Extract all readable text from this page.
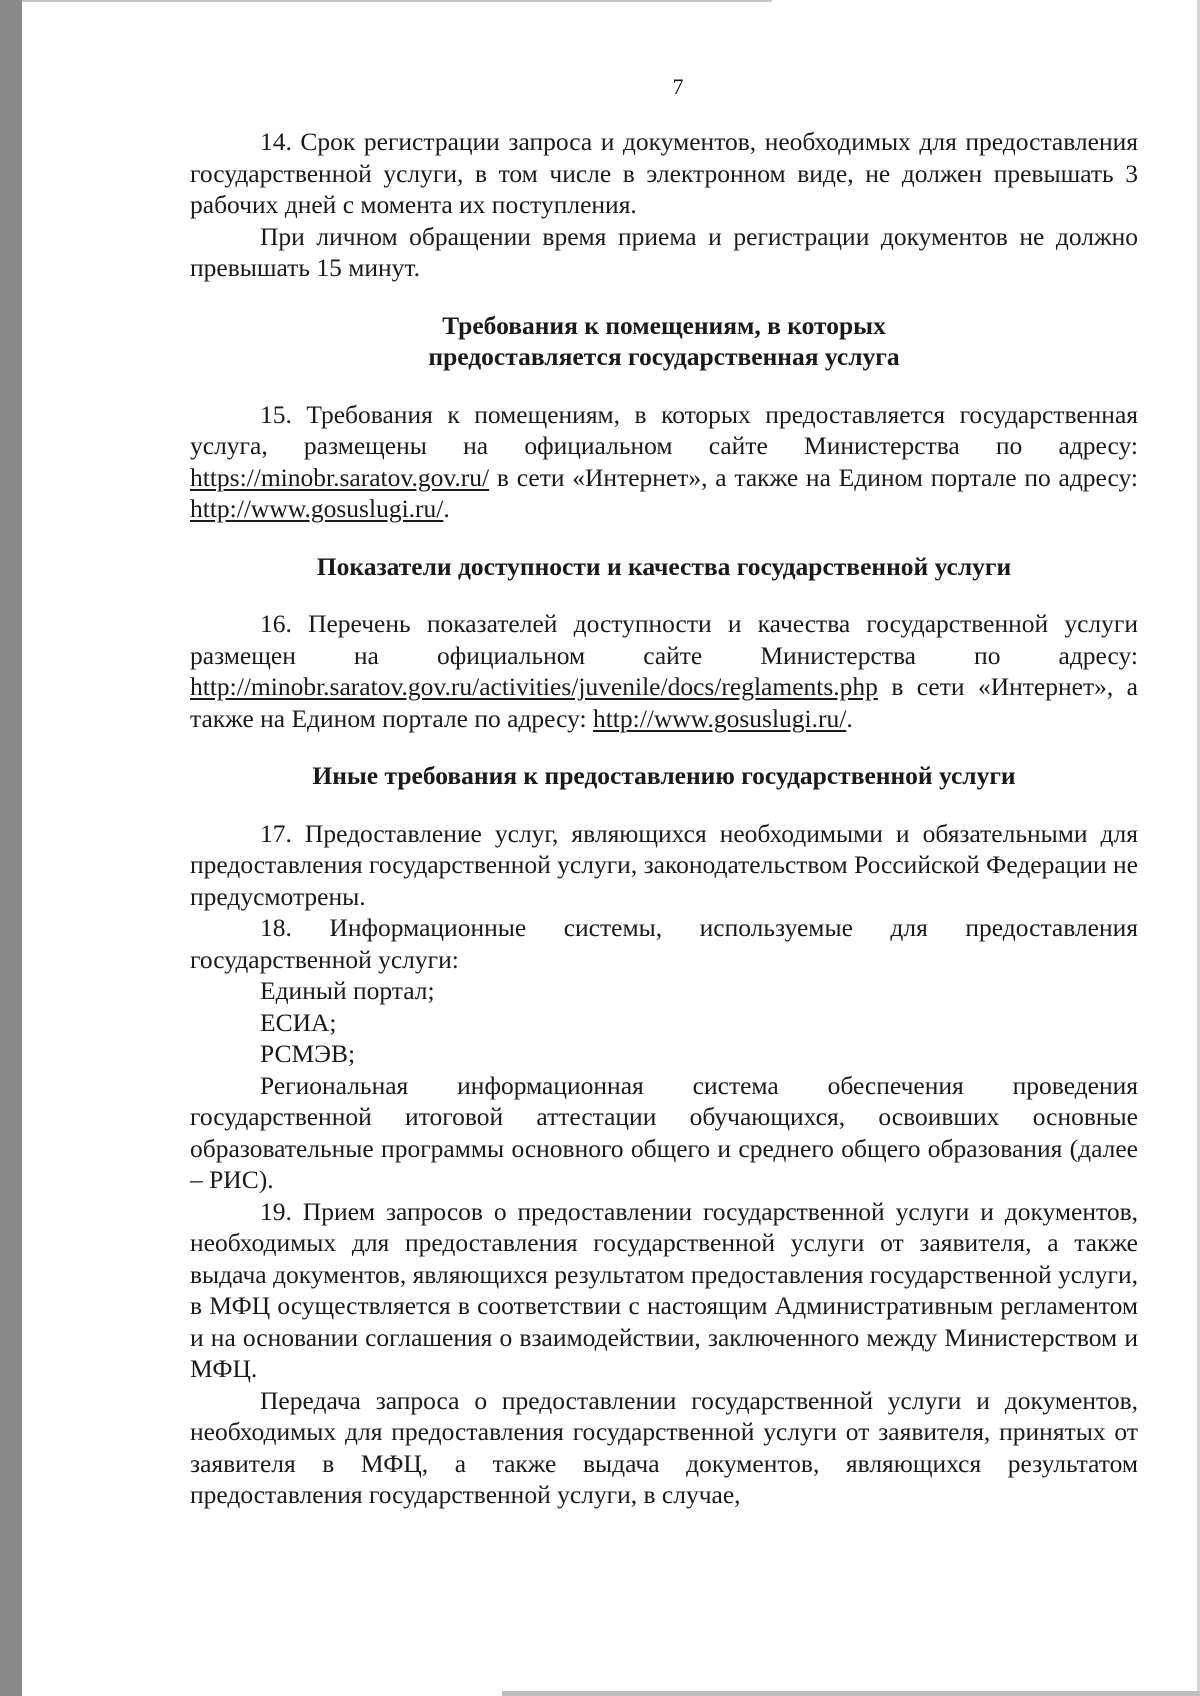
7

14. Срок регистрации запроса и документов, необходимых для предоставления государственной услуги, в том числе в электронном виде, не должен превышать 3 рабочих дней с момента их поступления.

При личном обращении время приема и регистрации документов не должно превышать 15 минут.

Требования к помещениям, в которых
предоставляется государственная услуга

15. Требования к помещениям, в которых предоставляется государственная услуга, размещены на официальном сайте Министерства по адресу: https://minobr.saratov.gov.ru/ в сети «Интернет», а также на Едином портале по адресу: http://www.gosuslugi.ru/.

Показатели доступности и качества государственной услуги

16. Перечень показателей доступности и качества государственной услуги размещен на официальном сайте Министерства по адресу: http://minobr.saratov.gov.ru/activities/juvenile/docs/reglaments.php в сети «Интернет», а также на Едином портале по адресу: http://www.gosuslugi.ru/.

Иные требования к предоставлению государственной услуги

17. Предоставление услуг, являющихся необходимыми и обязательными для предоставления государственной услуги, законодательством Российской Федерации не предусмотрены.

18. Информационные системы, используемые для предоставления государственной услуги:

Единый портал;

ЕСИА;

РСМЭВ;

Региональная информационная система обеспечения проведения государственной итоговой аттестации обучающихся, освоивших основные образовательные программы основного общего и среднего общего образования (далее – РИС).

19. Прием запросов о предоставлении государственной услуги и документов, необходимых для предоставления государственной услуги от заявителя, а также выдача документов, являющихся результатом предоставления государственной услуги, в МФЦ осуществляется в соответствии с настоящим Административным регламентом и на основании соглашения о взаимодействии, заключенного между Министерством и МФЦ.

Передача запроса о предоставлении государственной услуги и документов, необходимых для предоставления государственной услуги от заявителя, принятых от заявителя в МФЦ, а также выдача документов, являющихся результатом предоставления государственной услуги, в случае,
